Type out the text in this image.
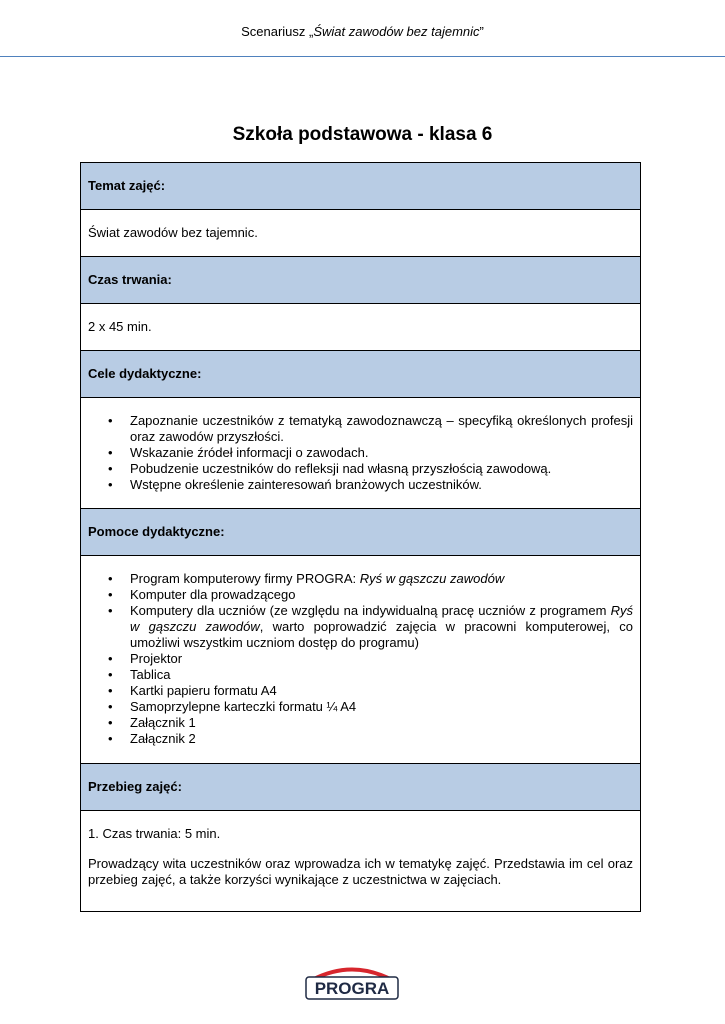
Scenariusz „Świat zawodów bez tajemnic”
Szkoła podstawowa - klasa 6
Temat zajęć:
Świat zawodów bez tajemnic.
Czas trwania:
2 x 45 min.
Cele dydaktyczne:
• Zapoznanie uczestników z tematyką zawodoznawczą – specyfiką określonych profesji oraz zawodów przyszłości.
• Wskazanie źródeł informacji o zawodach.
• Pobudzenie uczestników do refleksji nad własną przyszłością zawodową.
• Wstępne określenie zainteresowań branżowych uczestników.
Pomoce dydaktyczne:
• Program komputerowy firmy PROGRA: Ryś w gąszczu zawodów
• Komputer dla prowadzącego
• Komputery dla uczniów (ze względu na indywidualną pracę uczniów z programem Ryś w gąszczu zawodów, warto poprowadzić zajęcia w pracowni komputerowej, co umożliwi wszystkim uczniom dostęp do programu)
• Projektor
• Tablica
• Kartki papieru formatu A4
• Samoprzylepne karteczki formatu ¼ A4
• Załącznik 1
• Załącznik 2
Przebieg zajęć:

1. Czas trwania: 5 min.

Prowadzący wita uczestników oraz wprowadza ich w tematykę zajęć. Przedstawia im cel oraz przebieg zajęć, a także korzyści wynikające z uczestnictwa w zajęciach.

PROGRA
